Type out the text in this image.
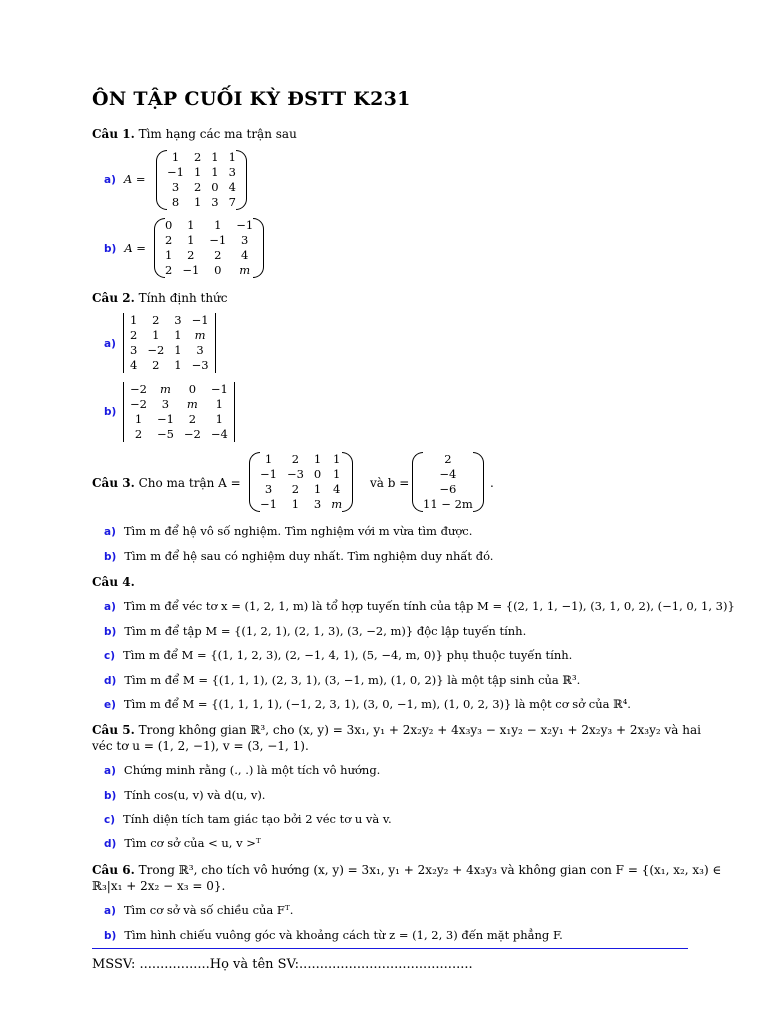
ÔN TẬP CUỐI KỲ ĐSTT K231
Câu 1. Tìm hạng các ma trận sau
a) A =
1	2	1	1
−1	1	1	3
3	2	0	4
8	1	3	7
b) A =
0	1	1	−1
2	1	−1	3
1	2	2	4
2	−1	0	m
Câu 2. Tính định thức
a)
1	2	3	−1
2	1	1	m
3	−2	1	3
4	2	1	−3
b)
−2	m	0	−1
−2	3	m	1
1	−1	2	1
2	−5	−2	−4
Câu 3. Cho ma trận A =
1	2	1	1
−1	−3	0	1
3	2	1	4
−1	1	3	m
và b =
2
−4
−6
11 − 2m
.
a) Tìm m để hệ vô số nghiệm. Tìm nghiệm với m vừa tìm được.
b) Tìm m để hệ sau có nghiệm duy nhất. Tìm nghiệm duy nhất đó.
Câu 4.
a) Tìm m để véc tơ x = (1, 2, 1, m) là tổ hợp tuyến tính của tập M = {(2, 1, 1, −1), (3, 1, 0, 2), (−1, 0, 1, 3)}
b) Tìm m để tập M = {(1, 2, 1), (2, 1, 3), (3, −2, m)} độc lập tuyến tính.
c) Tìm m để M = {(1, 1, 2, 3), (2, −1, 4, 1), (5, −4, m, 0)} phụ thuộc tuyến tính.
d) Tìm m để M = {(1, 1, 1), (2, 3, 1), (3, −1, m), (1, 0, 2)} là một tập sinh của ℝ³.
e) Tìm m để M = {(1, 1, 1, 1), (−1, 2, 3, 1), (3, 0, −1, m), (1, 0, 2, 3)} là một cơ sở của ℝ⁴.
Câu 5. Trong không gian ℝ³, cho (x, y) = 3x₁, y₁ + 2x₂y₂ + 4x₃y₃ − x₁y₂ − x₂y₁ + 2x₂y₃ + 2x₃y₂ và hai
véc tơ u = (1, 2, −1), v = (3, −1, 1).
a) Chứng minh rằng (., .) là một tích vô hướng.
b) Tính cos(u, v) và d(u, v).
c) Tính diện tích tam giác tạo bởi 2 véc tơ u và v.
d) Tìm cơ sở của < u, v >ᵀ
Câu 6. Trong ℝ³, cho tích vô hướng (x, y) = 3x₁, y₁ + 2x₂y₂ + 4x₃y₃ và không gian con F = {(x₁, x₂, x₃) ∈
ℝ₃|x₁ + 2x₂ − x₃ = 0}.
a) Tìm cơ sở và số chiều của Fᵀ.
b) Tìm hình chiếu vuông góc và khoảng cách từ z = (1, 2, 3) đến mặt phẳng F.
MSSV: .................Họ và tên SV:..........................................
